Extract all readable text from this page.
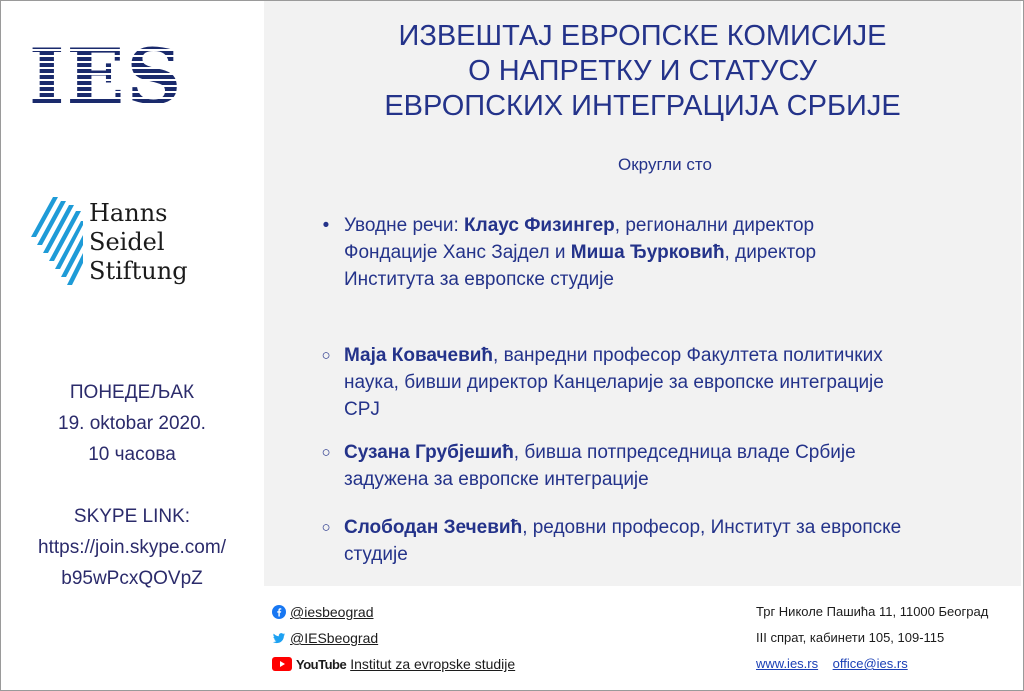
IES
Hanns
Seidel
Stiftung
ПОНЕДЕЉАК
19. oktobar 2020.
10 часова
SKYPE LINK:
https://join.skype.com/
b95wPcxQOVpZ
ИЗВЕШТАЈ ЕВРОПСКЕ КОМИСИЈЕ
О НАПРЕТКУ И СТАТУСУ
ЕВРОПСКИХ ИНТЕГРАЦИЈА СРБИЈЕ
Округли сто
• Уводне речи: Клаус Физингер, регионални директор
Фондације Ханс Зајдел и Миша Ђурковић, директор
Института за европске студије
○ Маја Ковачевић, ванредни професор Факултета политичких
наука, бивши директор Канцеларије за европске интеграције
СРЈ
○ Сузана Грубјешић, бивша потпредседница владе Србије
задужена за европске интеграције
○ Слободан Зечевић, редовни професор, Институт за европске
студије
@iesbeograd
@IESbeograd
YouTube Institut za evropske studije
Трг Николе Пашића 11, 11000 Београд
III спрат, кабинети 105, 109-115
www.ies.rs office@ies.rs
